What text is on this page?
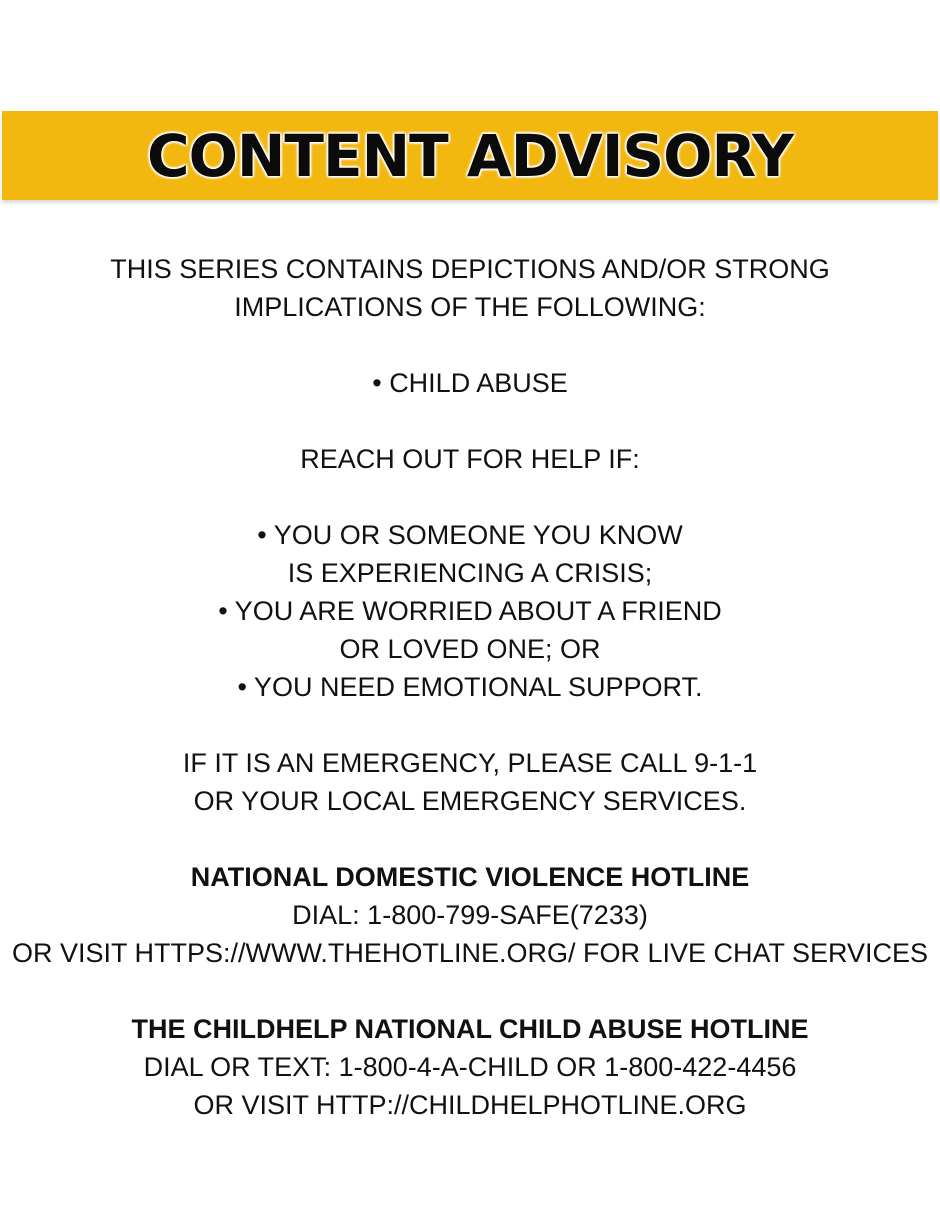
CONTENT ADVISORY
THIS SERIES CONTAINS DEPICTIONS AND/OR STRONG
IMPLICATIONS OF THE FOLLOWING:
• CHILD ABUSE
REACH OUT FOR HELP IF:
• YOU OR SOMEONE YOU KNOW
IS EXPERIENCING A CRISIS;
• YOU ARE WORRIED ABOUT A FRIEND
OR LOVED ONE; OR
• YOU NEED EMOTIONAL SUPPORT.
IF IT IS AN EMERGENCY, PLEASE CALL 9-1-1
OR YOUR LOCAL EMERGENCY SERVICES.
NATIONAL DOMESTIC VIOLENCE HOTLINE
DIAL: 1-800-799-SAFE(7233)
OR VISIT HTTPS://WWW.THEHOTLINE.ORG/ FOR LIVE CHAT SERVICES
THE CHILDHELP NATIONAL CHILD ABUSE HOTLINE
DIAL OR TEXT: 1-800-4-A-CHILD OR 1-800-422-4456
OR VISIT HTTP://CHILDHELPHOTLINE.ORG
